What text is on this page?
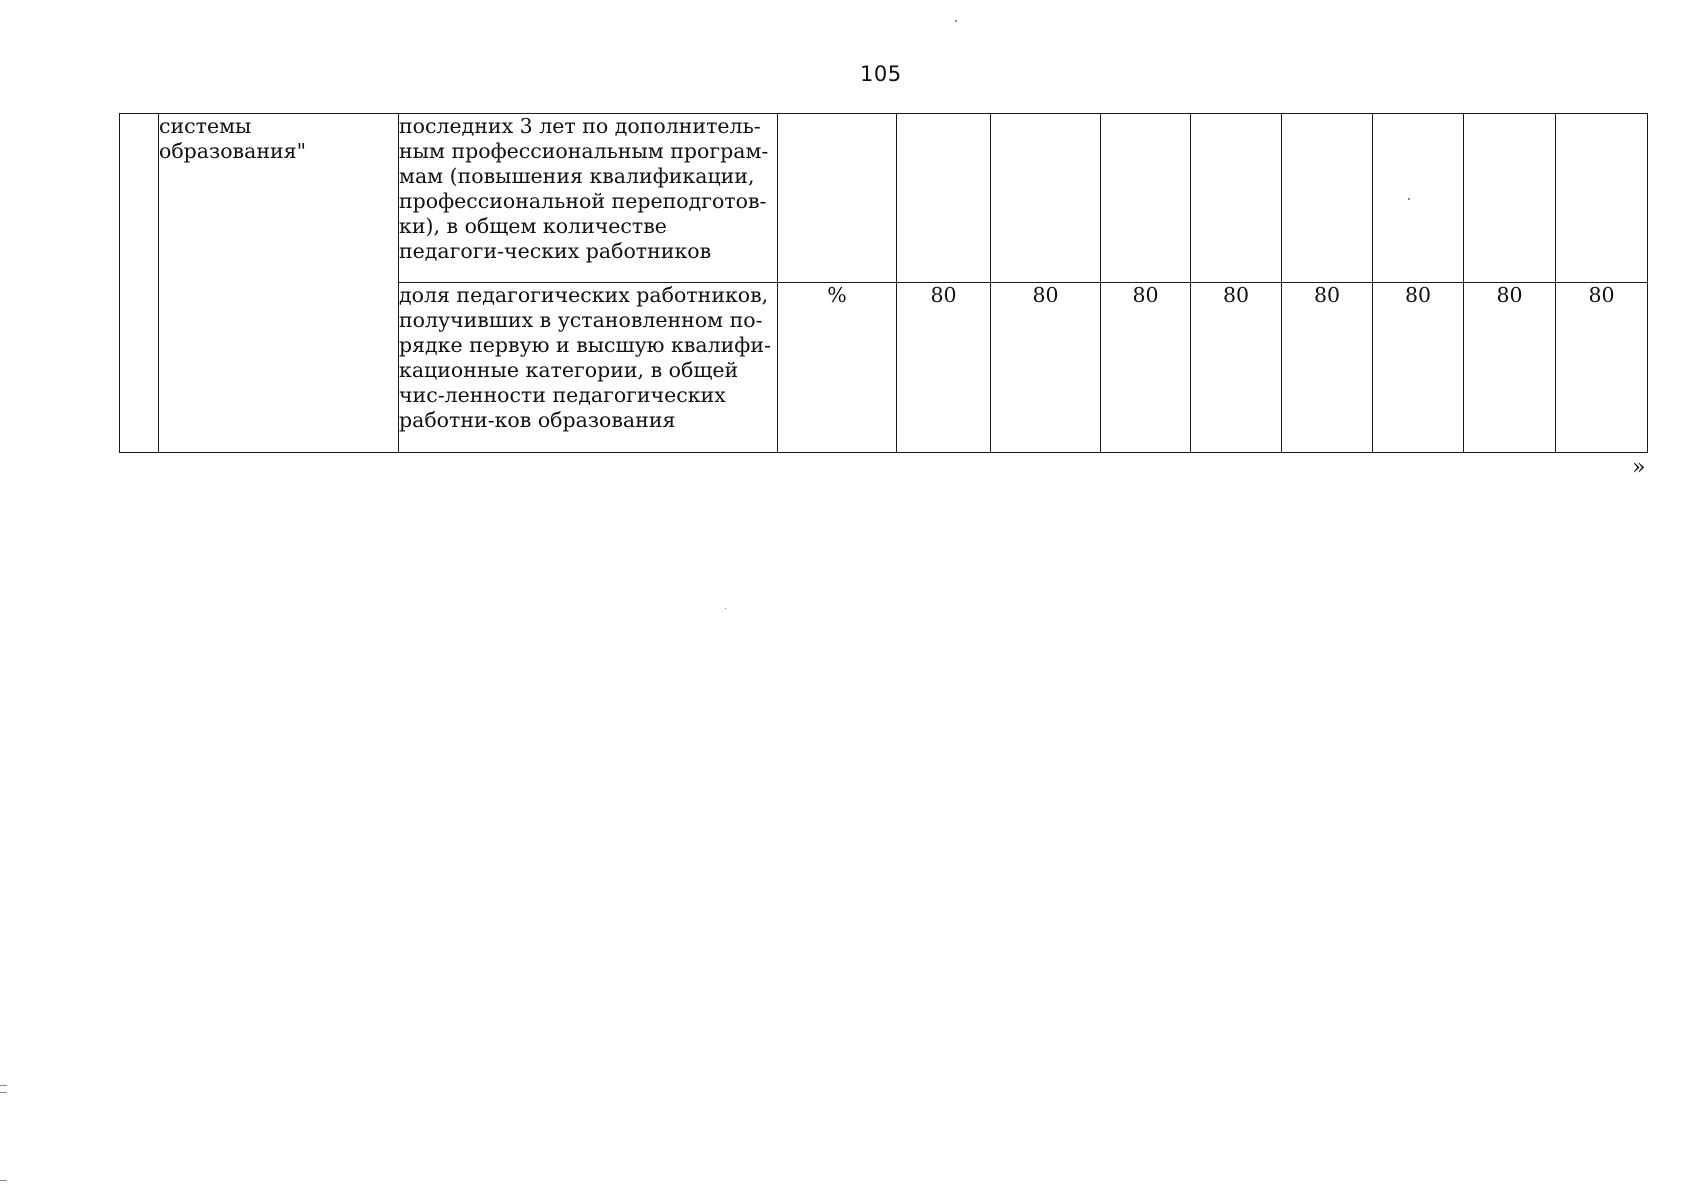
105
	системы образования"	последних 3 лет по дополнитель-ным профессиональным програм-мам (повышения квалификации, профессиональной переподготов-ки), в общем количестве педагоги-ческих работников									
		доля педагогических работников, получивших в установленном по-рядке первую и высшую квалифи-кационные категории, в общей чис-ленности педагогических работни-ков образования	%	80	80	80	80	80	80	80	80
»
